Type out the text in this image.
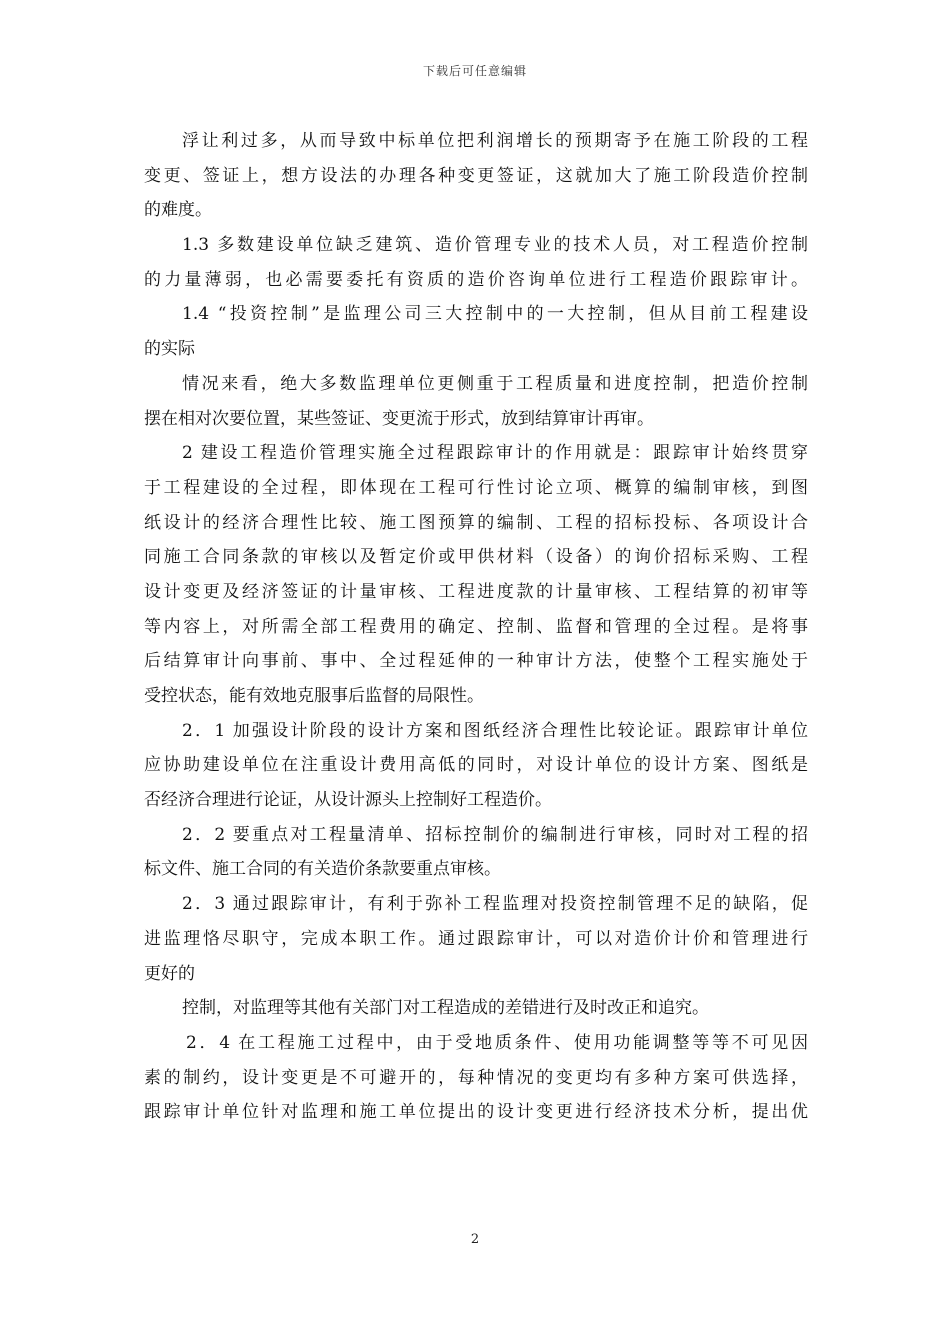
下载后可任意编辑
浮让利过多，从而导致中标单位把利润增长的预期寄予在施工阶段的工程
变更、签证上，想方设法的办理各种变更签证，这就加大了施工阶段造价控制
的难度。
1.3 多数建设单位缺乏建筑、造价管理专业的技术人员，对工程造价控制
的力量薄弱，也必需要委托有资质的造价咨询单位进行工程造价跟踪审计。
1.4 “投资控制”是监理公司三大控制中的一大控制，但从目前工程建设
的实际
情况来看，绝大多数监理单位更侧重于工程质量和进度控制，把造价控制
摆在相对次要位置，某些签证、变更流于形式，放到结算审计再审。
2 建设工程造价管理实施全过程跟踪审计的作用就是：跟踪审计始终贯穿
于工程建设的全过程，即体现在工程可行性讨论立项、概算的编制审核，到图
纸设计的经济合理性比较、施工图预算的编制、工程的招标投标、各项设计合
同施工合同条款的审核以及暂定价或甲供材料（设备）的询价招标采购、工程
设计变更及经济签证的计量审核、工程进度款的计量审核、工程结算的初审等
等内容上，对所需全部工程费用的确定、控制、监督和管理的全过程。是将事
后结算审计向事前、事中、全过程延伸的一种审计方法，使整个工程实施处于
受控状态，能有效地克服事后监督的局限性。
2．1 加强设计阶段的设计方案和图纸经济合理性比较论证。跟踪审计单位
应协助建设单位在注重设计费用高低的同时，对设计单位的设计方案、图纸是
否经济合理进行论证，从设计源头上控制好工程造价。
2．2 要重点对工程量清单、招标控制价的编制进行审核，同时对工程的招
标文件、施工合同的有关造价条款要重点审核。
2．3 通过跟踪审计，有利于弥补工程监理对投资控制管理不足的缺陷，促
进监理恪尽职守，完成本职工作。通过跟踪审计，可以对造价计价和管理进行
更好的
控制，对监理等其他有关部门对工程造成的差错进行及时改正和追究。
2．4 在工程施工过程中，由于受地质条件、使用功能调整等等不可见因
素的制约，设计变更是不可避开的，每种情况的变更均有多种方案可供选择，
跟踪审计单位针对监理和施工单位提出的设计变更进行经济技术分析，提出优
2
